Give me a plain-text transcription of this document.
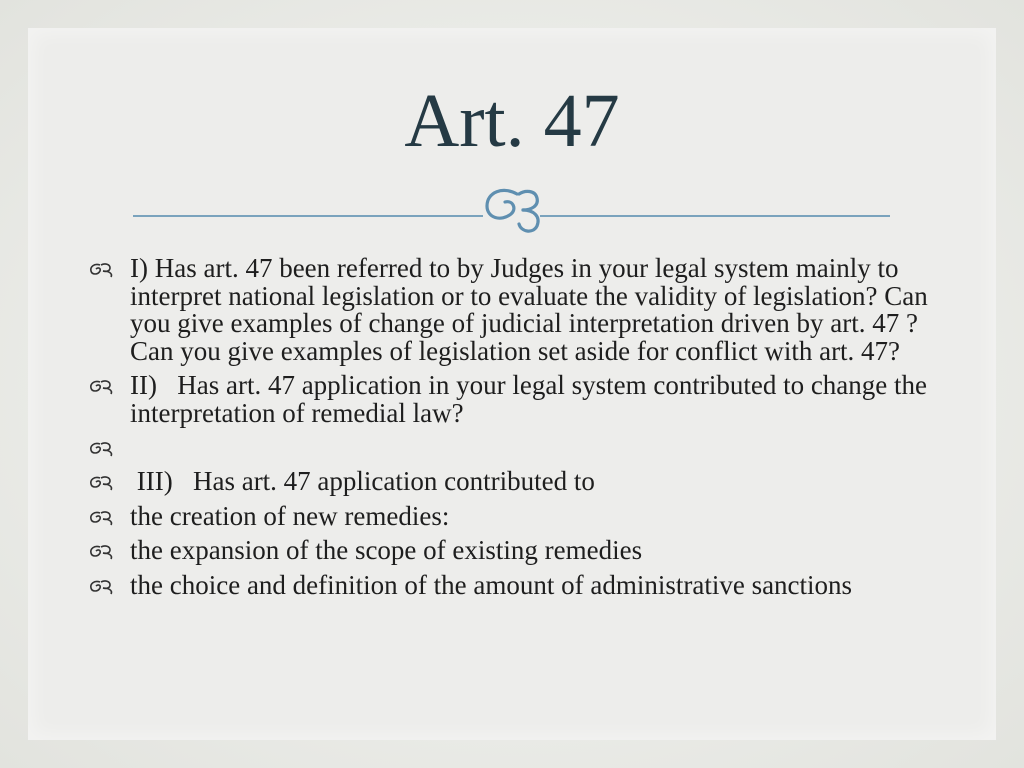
Art. 47
I) Has art. 47 been referred to by Judges in your legal system mainly to interpret national legislation or to evaluate the validity of legislation? Can you give examples of change of judicial interpretation driven by art. 47 ? Can you give examples of legislation set aside for conflict with art. 47?
II)   Has art. 47 application in your legal system contributed to change the interpretation of remedial law?
III)   Has art. 47 application contributed to
the creation of new remedies:
the expansion of the scope of existing remedies
the choice and definition of the amount of administrative sanctions
